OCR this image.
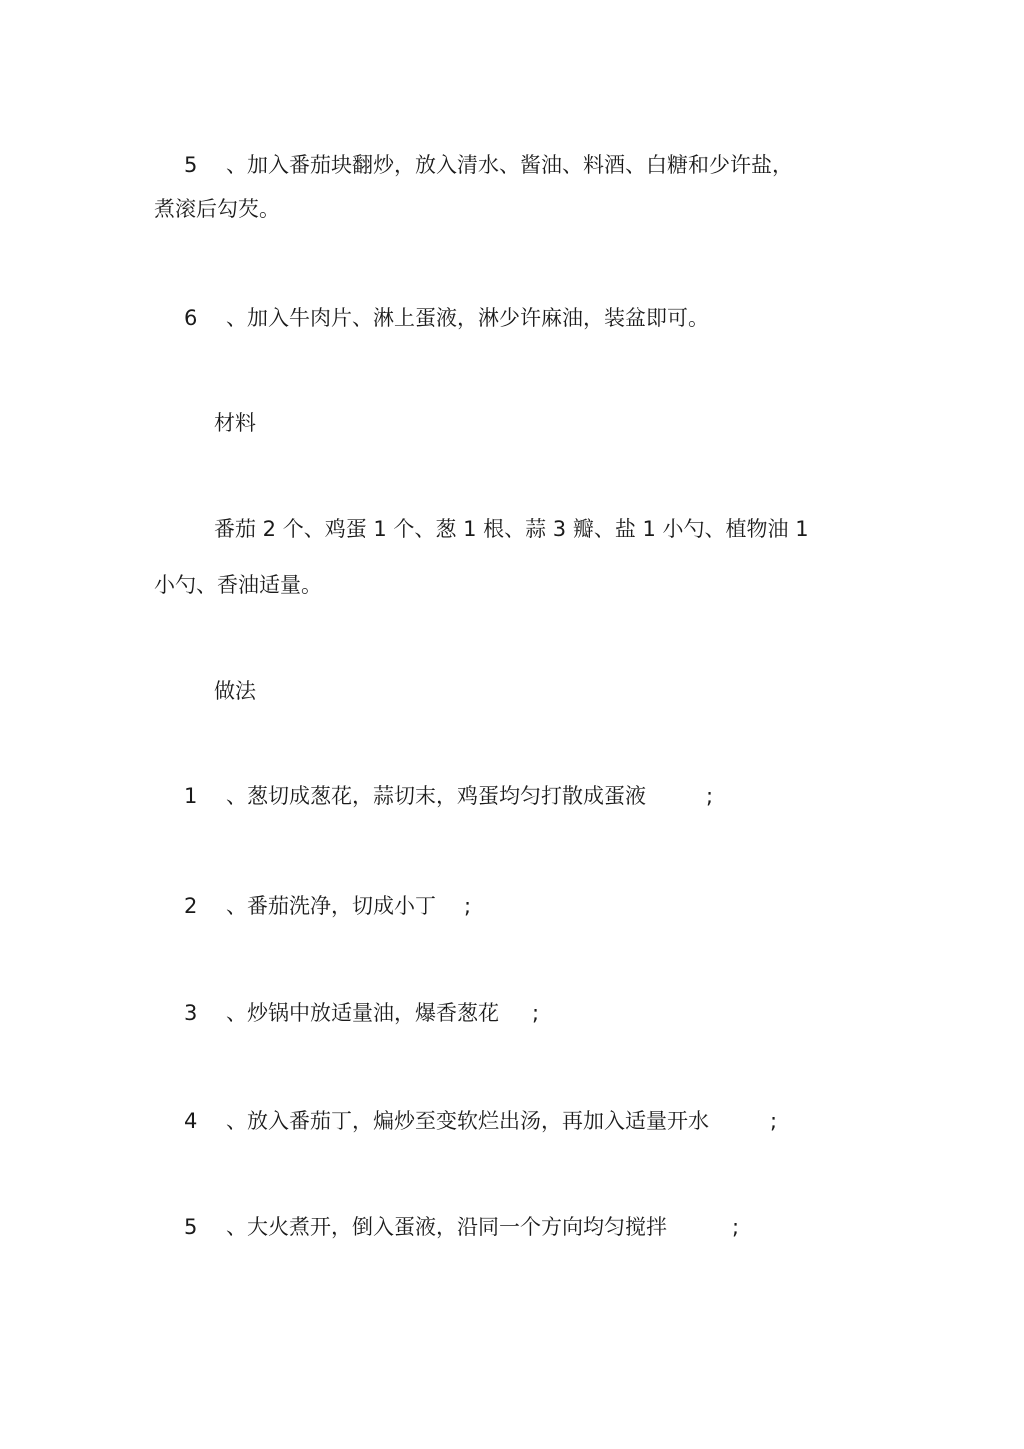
5	、加入番茄块翻炒，放入清水、酱油、料酒、白糖和少许盐，
煮滚后勾芡。
6	、加入牛肉片、淋上蛋液，淋少许麻油，装盆即可。
材料
番茄 2 个、鸡蛋 1 个、葱 1 根、蒜 3 瓣、盐 1 小勺、植物油 1
小勺、香油适量。
做法
1	、葱切成葱花，蒜切末，鸡蛋均匀打散成蛋液	;
2	、番茄洗净，切成小丁 ;
3	、炒锅中放适量油，爆香葱花 ;
4	、放入番茄丁，煸炒至变软烂出汤，再加入适量开水	;
5	、大火煮开，倒入蛋液，沿同一个方向均匀搅拌	;
